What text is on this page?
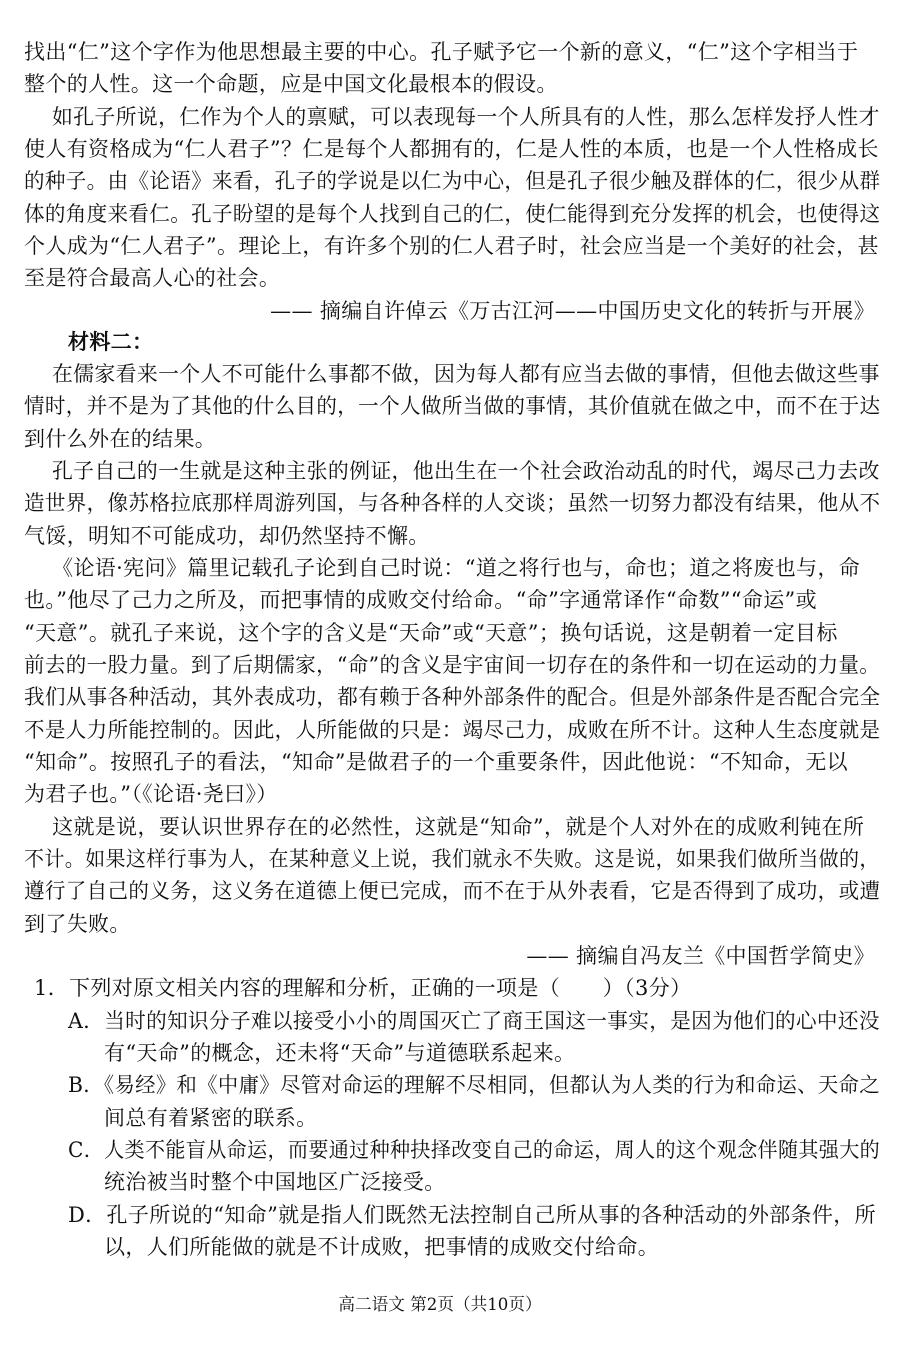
找出“仁”这个字作为他思想最主要的中心。孔子赋予它一个新的意义，“仁”这个字相当于

整个的人性。这一个命题，应是中国文化最根本的假设。

如孔子所说，仁作为个人的禀赋，可以表现每一个人所具有的人性，那么怎样发抒人性才

使人有资格成为“仁人君子”？仁是每个人都拥有的，仁是人性的本质，也是一个人性格成长

的种子。由《论语》来看，孔子的学说是以仁为中心，但是孔子很少触及群体的仁，很少从群

体的角度来看仁。孔子盼望的是每个人找到自己的仁，使仁能得到充分发挥的机会，也使得这

个人成为“仁人君子”。理论上，有许多个别的仁人君子时，社会应当是一个美好的社会，甚

至是符合最高人心的社会。

—— 摘编自许倬云《万古江河——中国历史文化的转折与开展》

材料二：

在儒家看来一个人不可能什么事都不做，因为每人都有应当去做的事情，但他去做这些事

情时，并不是为了其他的什么目的，一个人做所当做的事情，其价值就在做之中，而不在于达

到什么外在的结果。

孔子自己的一生就是这种主张的例证，他出生在一个社会政治动乱的时代，竭尽己力去改

造世界，像苏格拉底那样周游列国，与各种各样的人交谈；虽然一切努力都没有结果，他从不

气馁，明知不可能成功，却仍然坚持不懈。

《论语·宪问》篇里记载孔子论到自己时说：“道之将行也与，命也；道之将废也与，命

也。”他尽了己力之所及，而把事情的成败交付给命。“命”字通常译作“命数”“命运”或

“天意”。就孔子来说，这个字的含义是“天命”或“天意”；换句话说，这是朝着一定目标

前去的一股力量。到了后期儒家，“命”的含义是宇宙间一切存在的条件和一切在运动的力量。

我们从事各种活动，其外表成功，都有赖于各种外部条件的配合。但是外部条件是否配合完全

不是人力所能控制的。因此，人所能做的只是：竭尽己力，成败在所不计。这种人生态度就是

“知命”。按照孔子的看法，“知命”是做君子的一个重要条件，因此他说：“不知命，无以

为君子也。”（《论语·尧曰》）

这就是说，要认识世界存在的必然性，这就是“知命”，就是个人对外在的成败利钝在所

不计。如果这样行事为人，在某种意义上说，我们就永不失败。这是说，如果我们做所当做的，

遵行了自己的义务，这义务在道德上便已完成，而不在于从外表看，它是否得到了成功，或遭

到了失败。

—— 摘编自冯友兰《中国哲学简史》

1．下列对原文相关内容的理解和分析，正确的一项是（　　）（3分）

A．当时的知识分子难以接受小小的周国灭亡了商王国这一事实，是因为他们的心中还没

有“天命”的概念，还未将“天命”与道德联系起来。

B．《易经》和《中庸》尽管对命运的理解不尽相同，但都认为人类的行为和命运、天命之

间总有着紧密的联系。

C．人类不能盲从命运，而要通过种种抉择改变自己的命运，周人的这个观念伴随其强大的

统治被当时整个中国地区广泛接受。

D．孔子所说的“知命”就是指人们既然无法控制自己所从事的各种活动的外部条件，所

以，人们所能做的就是不计成败，把事情的成败交付给命。

高二语文 第2页（共10页）
